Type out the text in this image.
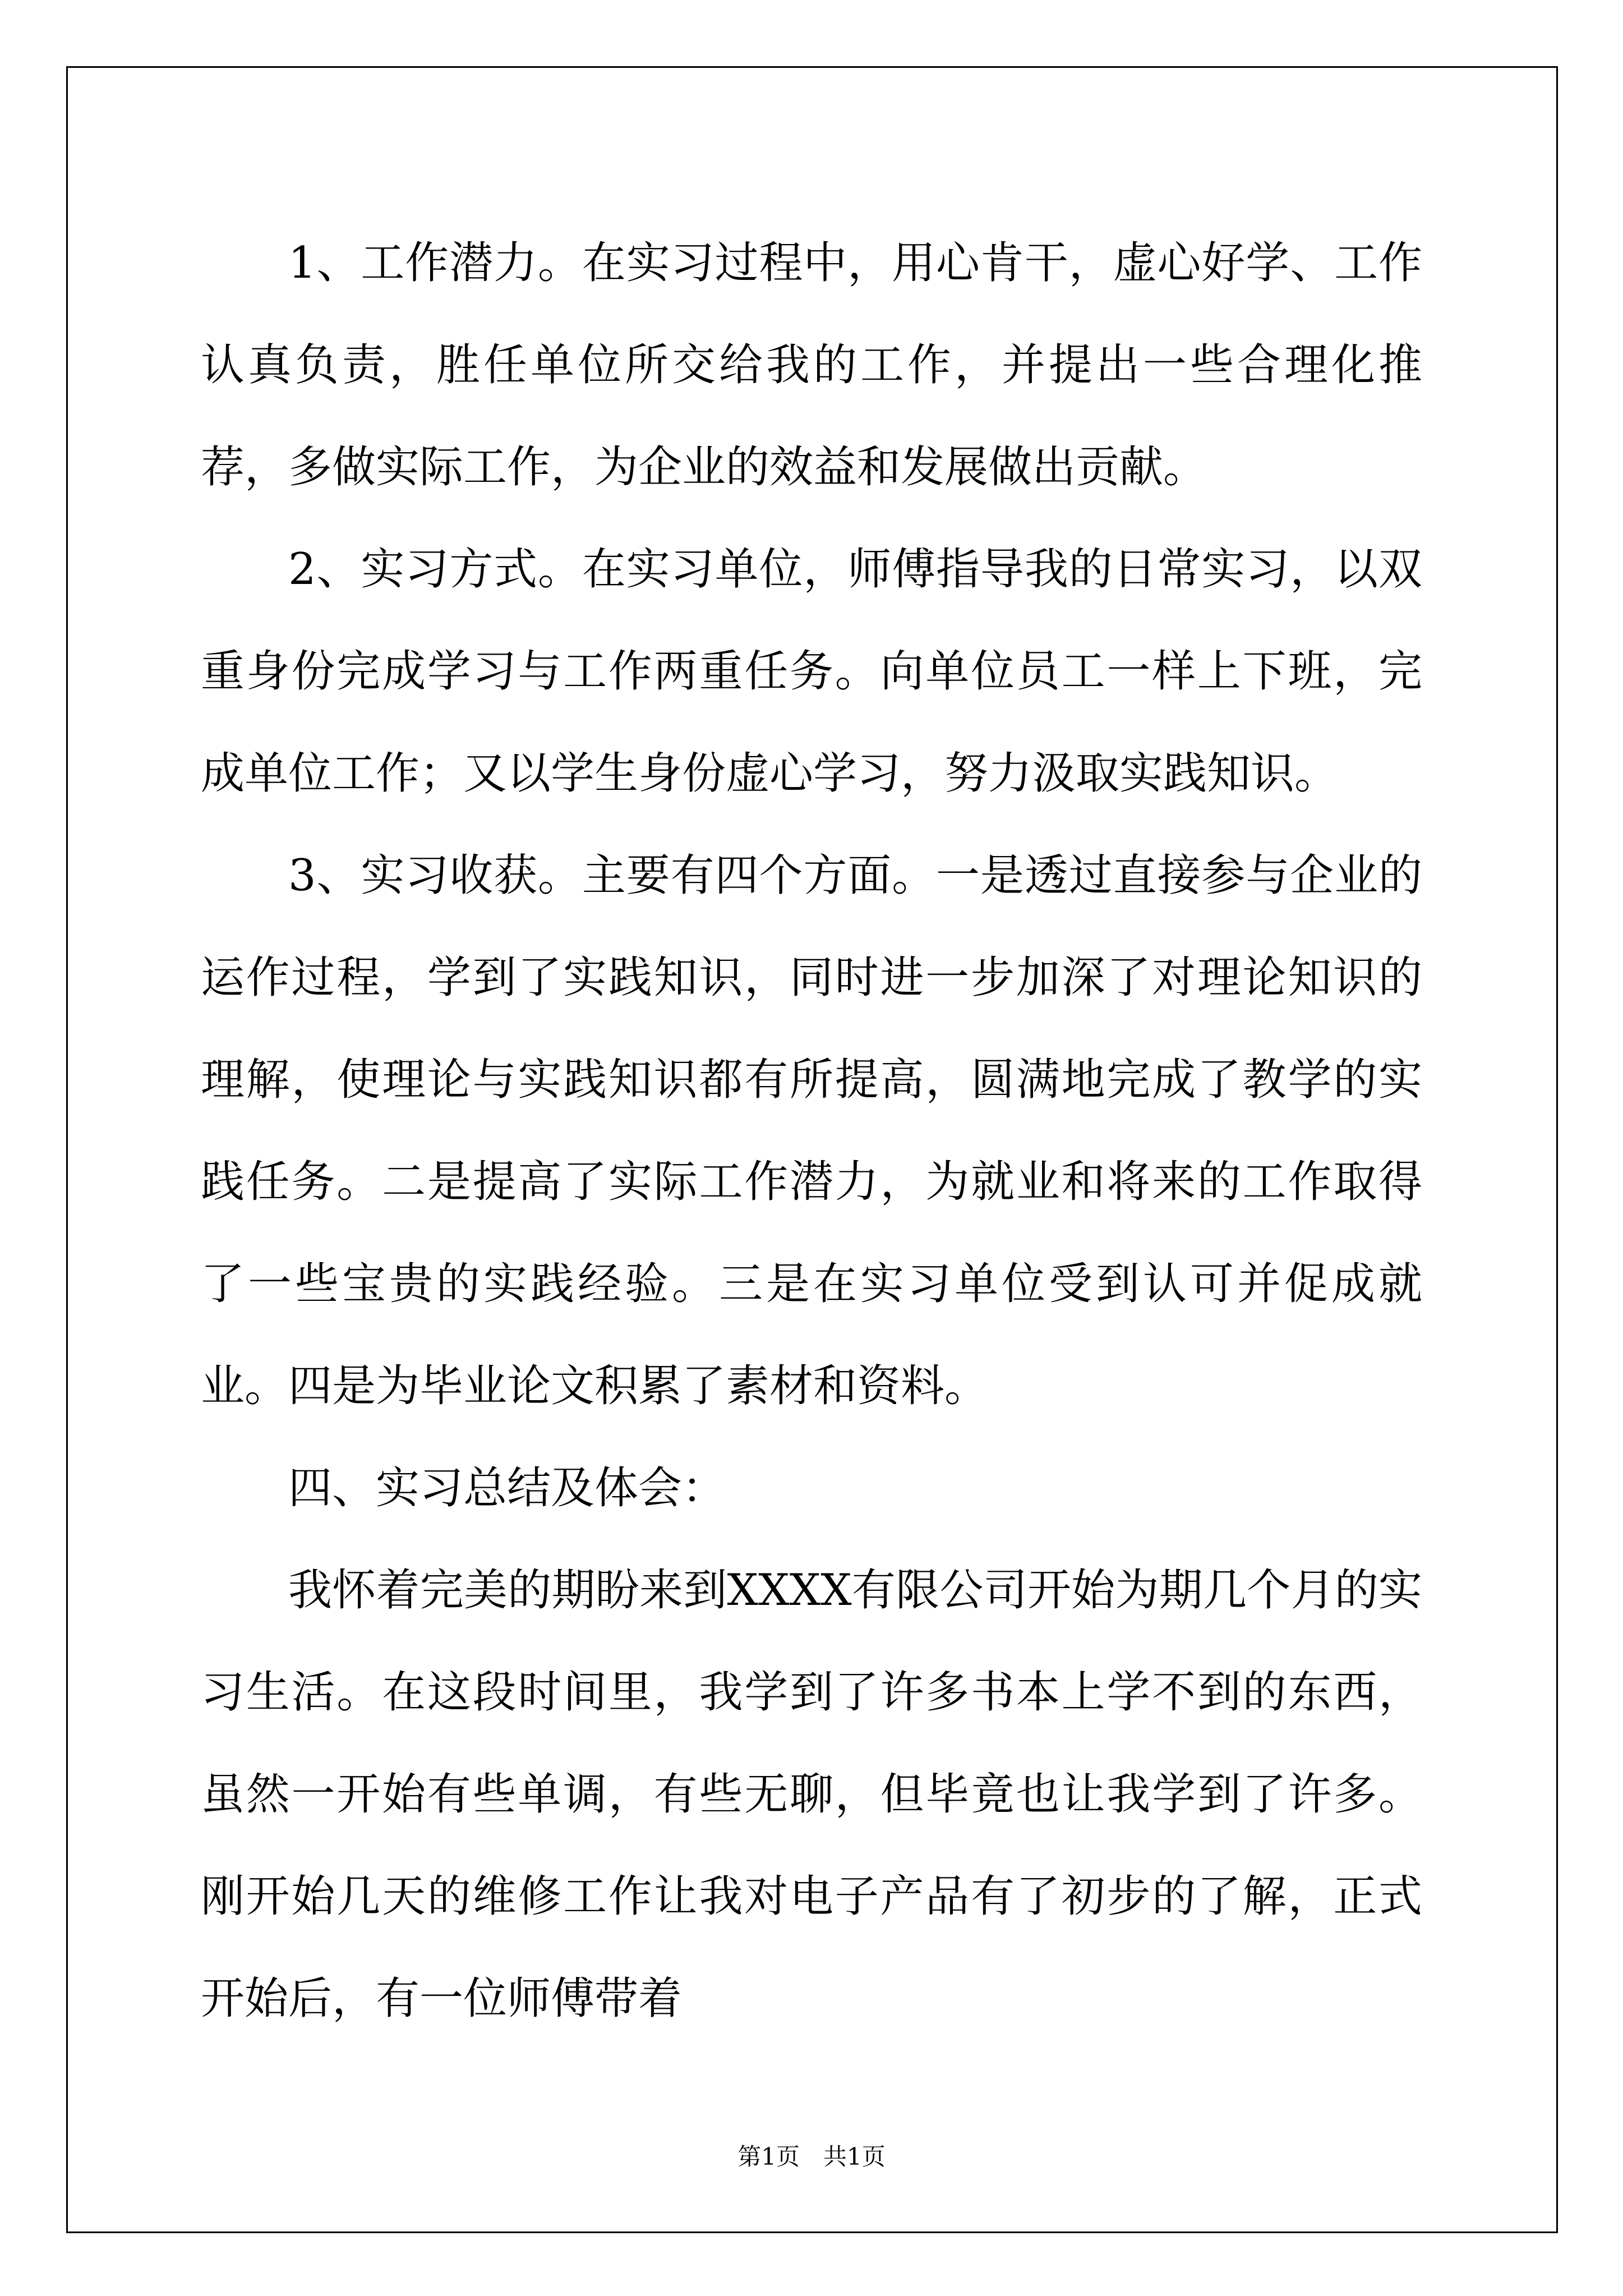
1、工作潜力。在实习过程中，用心肯干，虚心好学、工作认真负责，胜任单位所交给我的工作，并提出一些合理化推荐，多做实际工作，为企业的效益和发展做出贡献。

2、实习方式。在实习单位，师傅指导我的日常实习，以双重身份完成学习与工作两重任务。向单位员工一样上下班，完成单位工作；又以学生身份虚心学习，努力汲取实践知识。

3、实习收获。主要有四个方面。一是透过直接参与企业的运作过程，学到了实践知识，同时进一步加深了对理论知识的理解，使理论与实践知识都有所提高，圆满地完成了教学的实践任务。二是提高了实际工作潜力，为就业和将来的工作取得了一些宝贵的实践经验。三是在实习单位受到认可并促成就业。四是为毕业论文积累了素材和资料。

四、实习总结及体会：

我怀着完美的期盼来到XXXX有限公司开始为期几个月的实习生活。在这段时间里，我学到了许多书本上学不到的东西，虽然一开始有些单调，有些无聊，但毕竟也让我学到了许多。刚开始几天的维修工作让我对电子产品有了初步的了解，正式开始后，有一位师傅带着

第1页 共1页
